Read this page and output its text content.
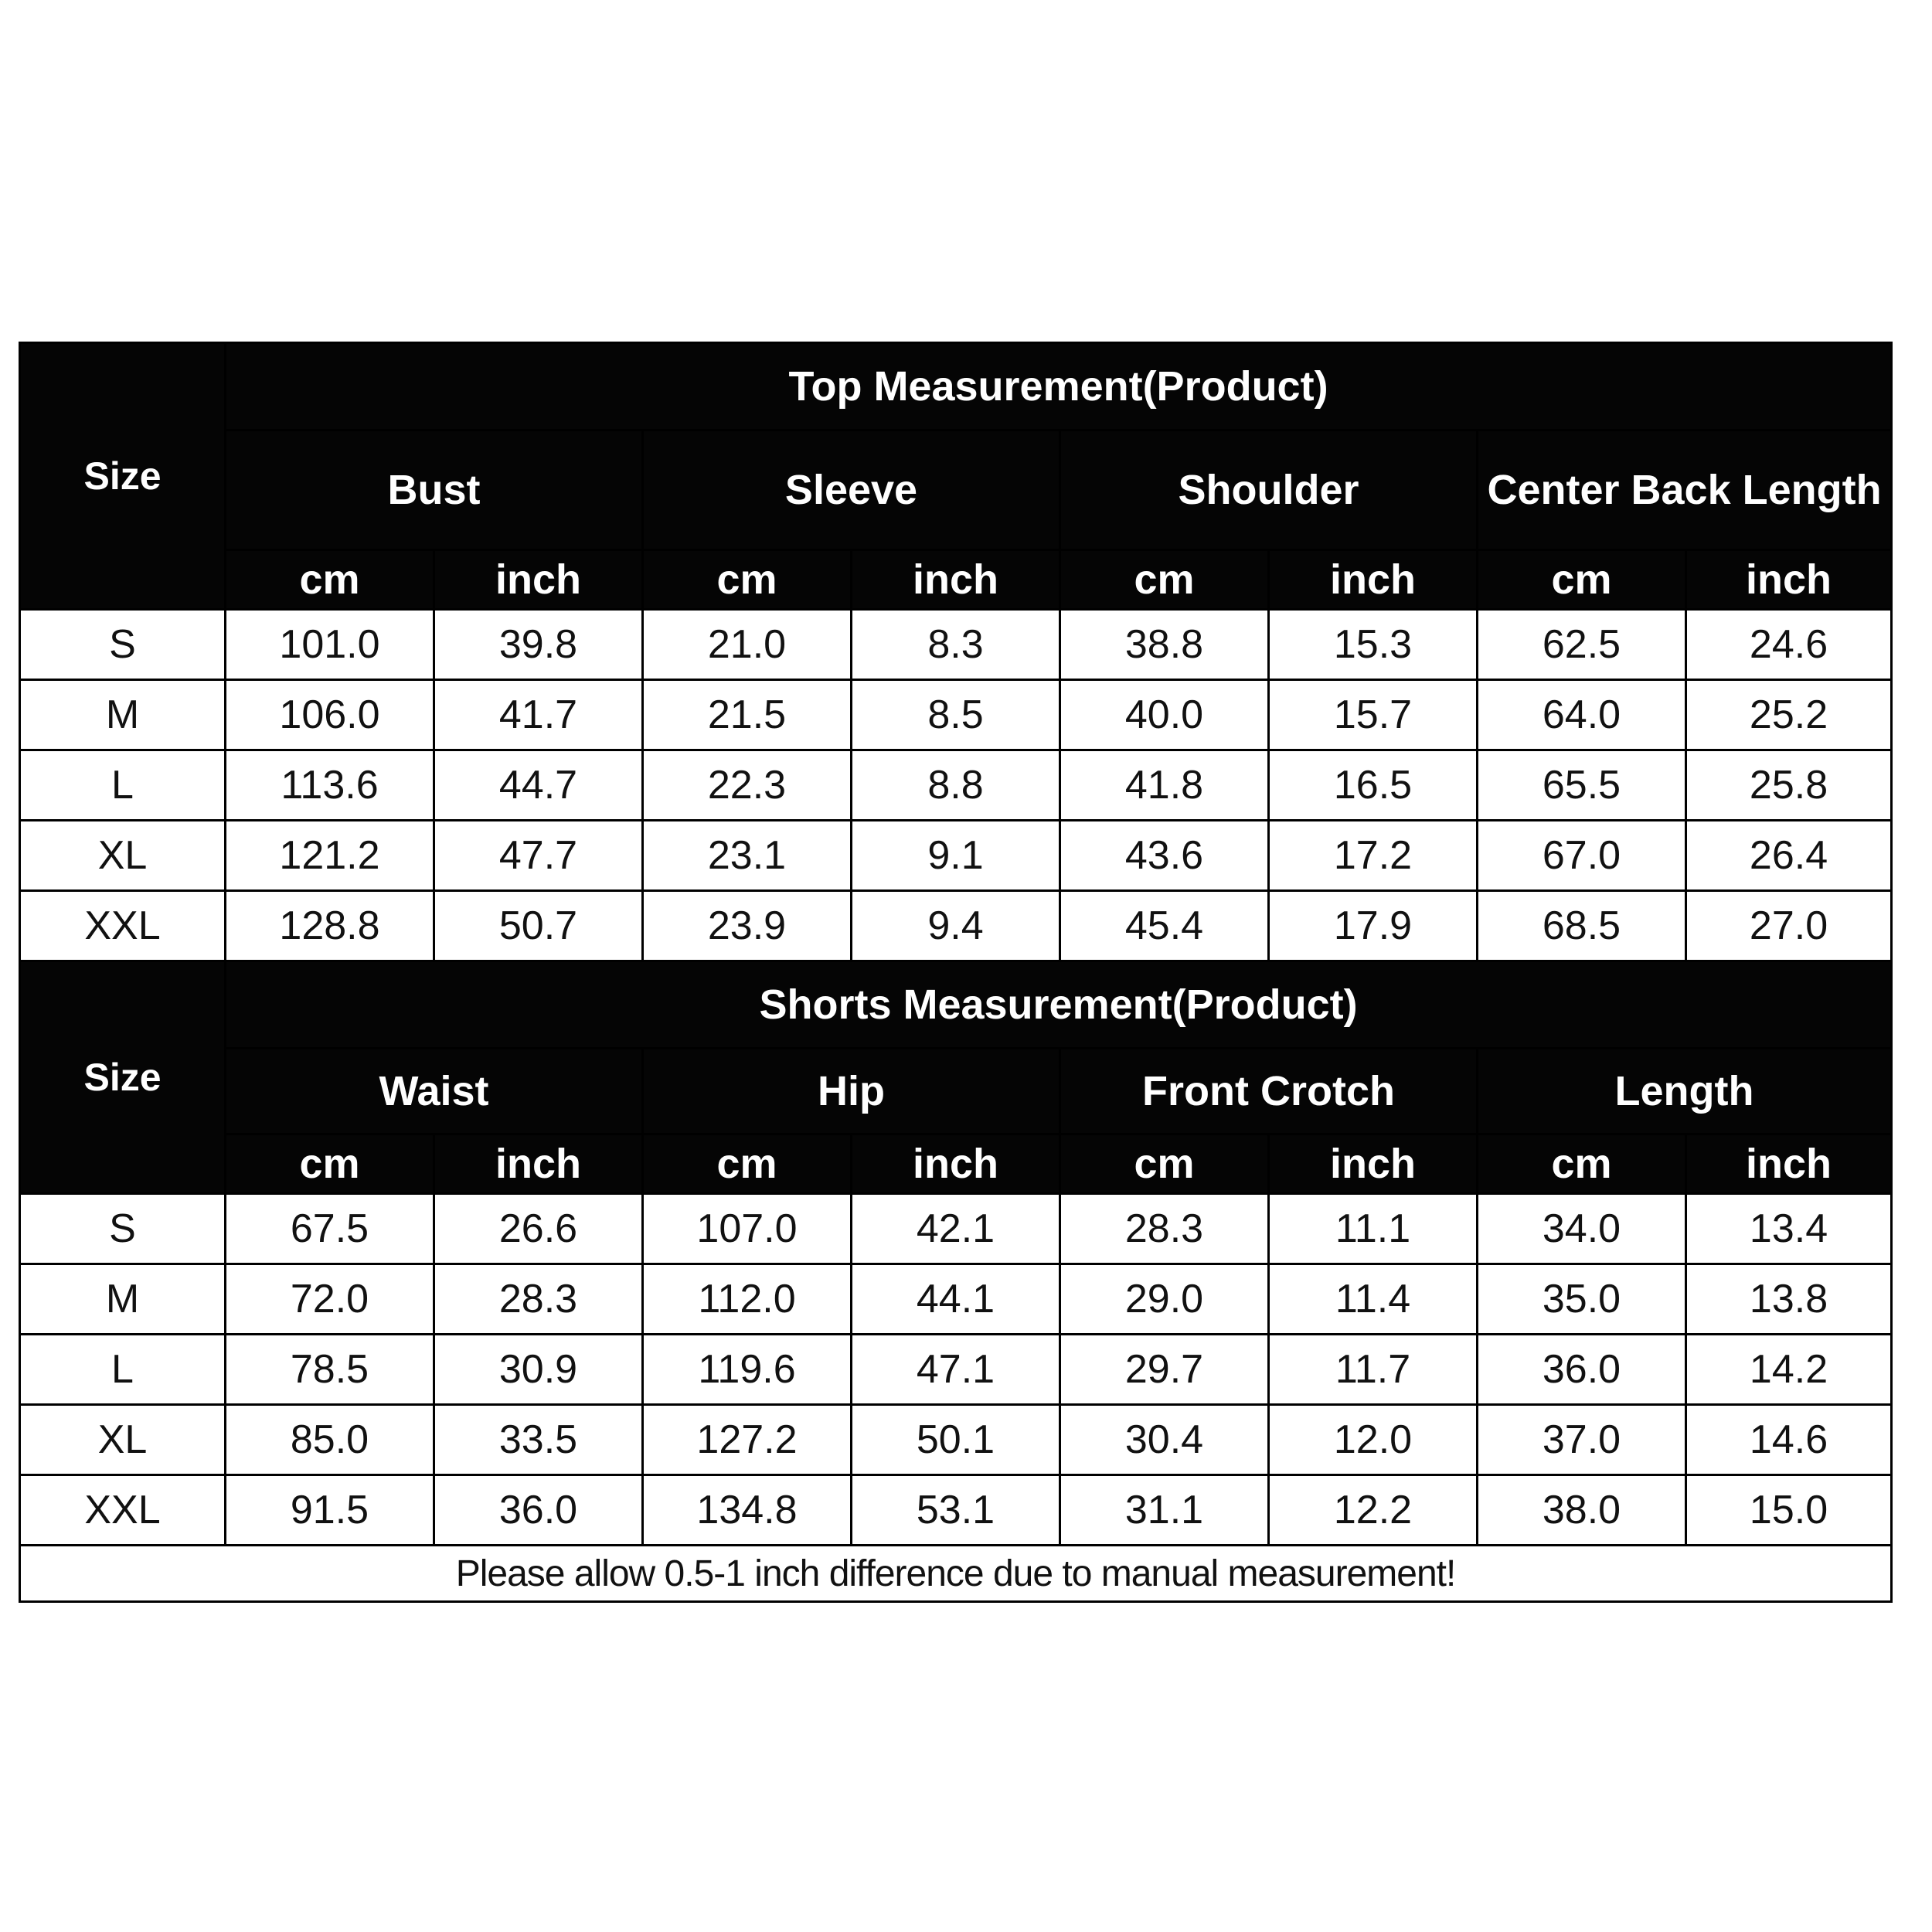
Size	Top Measurement(Product)							
	Bust		Sleeve		Shoulder		Center Back Length	
	cm	inch	cm	inch	cm	inch	cm	inch
S	101.0	39.8	21.0	8.3	38.8	15.3	62.5	24.6
M	106.0	41.7	21.5	8.5	40.0	15.7	64.0	25.2
L	113.6	44.7	22.3	8.8	41.8	16.5	65.5	25.8
XL	121.2	47.7	23.1	9.1	43.6	17.2	67.0	26.4
XXL	128.8	50.7	23.9	9.4	45.4	17.9	68.5	27.0
Size	Shorts Measurement(Product)							
	Waist		Hip		Front Crotch		Length	
	cm	inch	cm	inch	cm	inch	cm	inch
S	67.5	26.6	107.0	42.1	28.3	11.1	34.0	13.4
M	72.0	28.3	112.0	44.1	29.0	11.4	35.0	13.8
L	78.5	30.9	119.6	47.1	29.7	11.7	36.0	14.2
XL	85.0	33.5	127.2	50.1	30.4	12.0	37.0	14.6
XXL	91.5	36.0	134.8	53.1	31.1	12.2	38.0	15.0
Please allow 0.5-1 inch difference due to manual measurement!								
